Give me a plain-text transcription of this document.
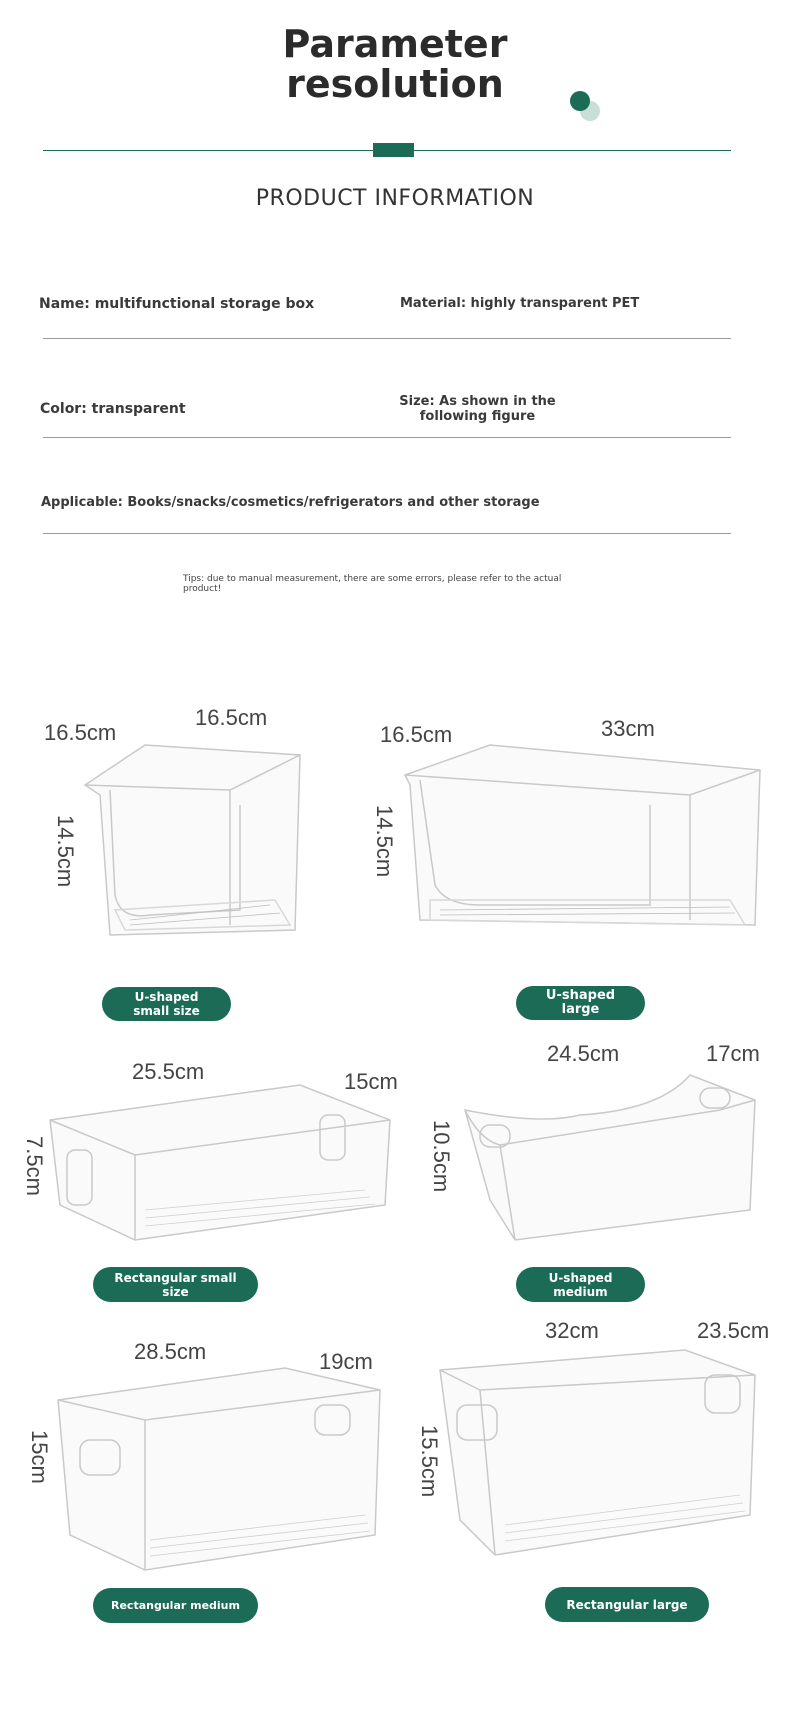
Parameter
resolution
PRODUCT INFORMATION
Name: multifunctional storage box	Material: highly transparent PET
Color: transparent	Size: As shown in the
following figure
Applicable: Books/snacks/cosmetics/refrigerators and other storage
Tips: due to manual measurement, there are some errors, please refer to the actual
product!
16.5cm
16.5cm
14.5cm
U-shaped
small size
16.5cm	33cm
14.5cm
U-shaped
large
25.5cm	15cm
7.5cm
Rectangular small
size
24.5cm	17cm
10.5cm
U-shaped
medium
28.5cm	19cm
15cm
Rectangular medium
32cm	23.5cm
15.5cm
Rectangular large
